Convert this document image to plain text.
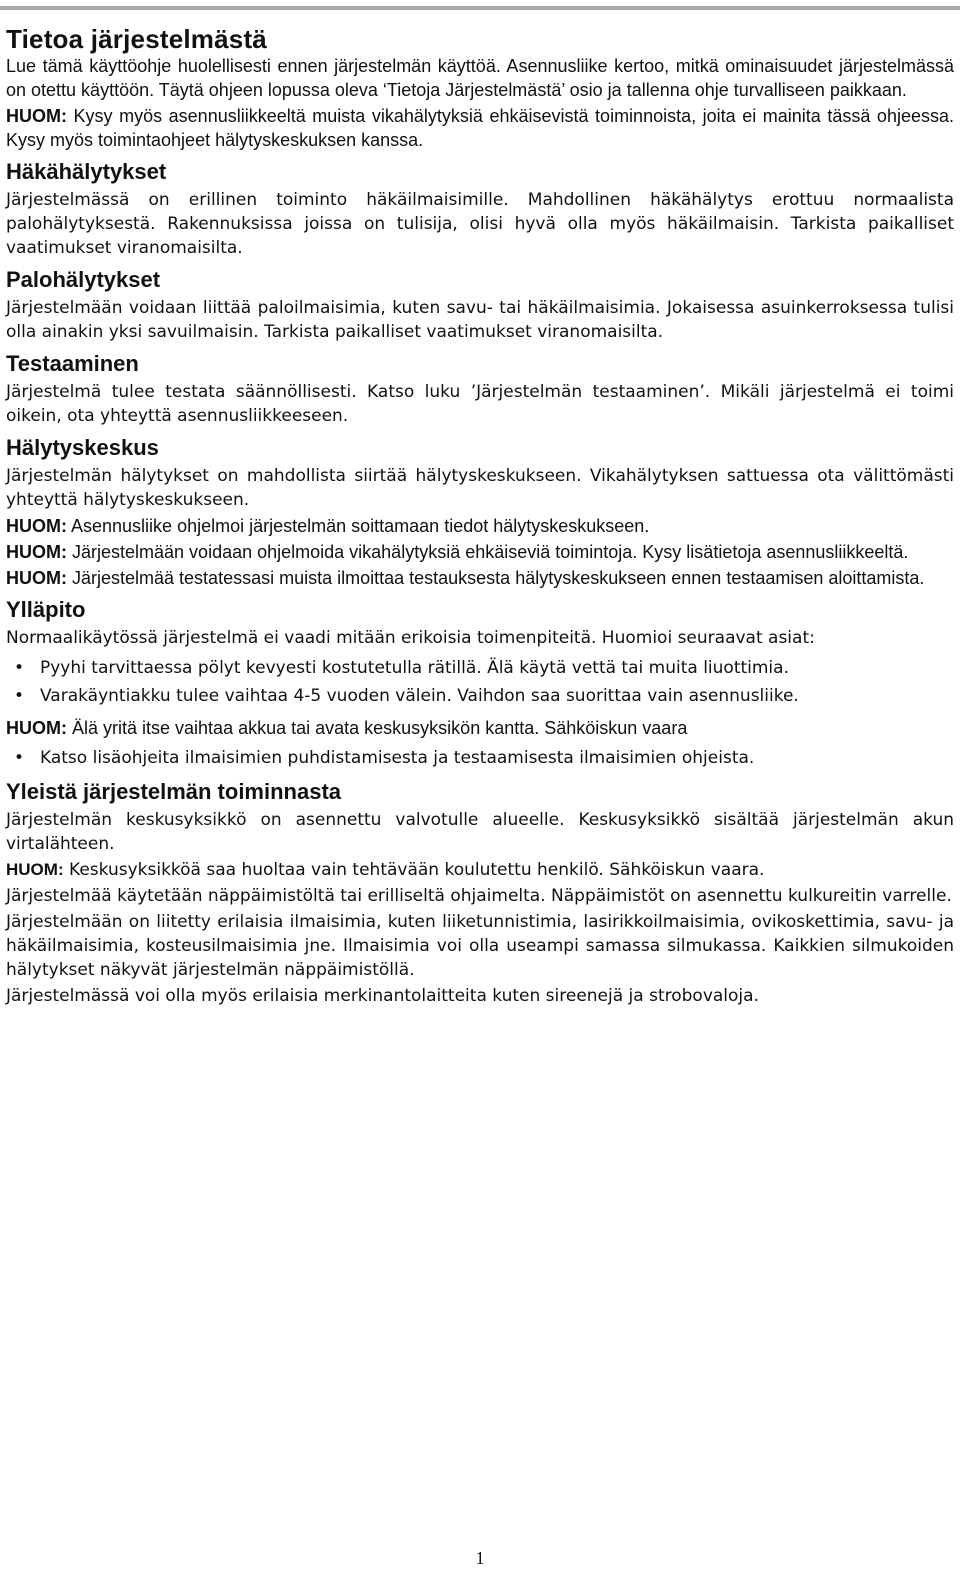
Tietoa järjestelmästä

Lue tämä käyttöohje huolellisesti ennen järjestelmän käyttöä. Asennusliike kertoo, mitkä ominaisuudet järjestelmässä on otettu käyttöön. Täytä ohjeen lopussa oleva ‘Tietoja Järjestelmästä’ osio ja tallenna ohje turvalliseen paikkaan.

HUOM: Kysy myös asennusliikkeeltä muista vikahälytyksiä ehkäisevistä toiminnoista, joita ei mainita tässä ohjeessa. Kysy myös toimintaohjeet hälytyskeskuksen kanssa.

Häkähälytykset

Järjestelmässä on erillinen toiminto häkäilmaisimille. Mahdollinen häkähälytys erottuu normaalista palohälytyksestä. Rakennuksissa joissa on tulisija, olisi hyvä olla myös häkäilmaisin. Tarkista paikalliset vaatimukset viranomaisilta.

Palohälytykset

Järjestelmään voidaan liittää paloilmaisimia, kuten savu- tai häkäilmaisimia. Jokaisessa asuinkerroksessa tulisi olla ainakin yksi savuilmaisin. Tarkista paikalliset vaatimukset viranomaisilta.

Testaaminen

Järjestelmä tulee testata säännöllisesti. Katso luku ’Järjestelmän testaaminen’. Mikäli järjestelmä ei toimi oikein, ota yhteyttä asennusliikkeeseen.

Hälytyskeskus

Järjestelmän hälytykset on mahdollista siirtää hälytyskeskukseen. Vikahälytyksen sattuessa ota välittömästi yhteyttä hälytyskeskukseen.

HUOM: Asennusliike ohjelmoi järjestelmän soittamaan tiedot hälytyskeskukseen.

HUOM: Järjestelmään voidaan ohjelmoida vikahälytyksiä ehkäiseviä toimintoja. Kysy lisätietoja asennusliikkeeltä.

HUOM: Järjestelmää testatessasi muista ilmoittaa testauksesta hälytyskeskukseen ennen testaamisen aloittamista.

Ylläpito

Normaalikäytössä järjestelmä ei vaadi mitään erikoisia toimenpiteitä. Huomioi seuraavat asiat:

• Pyyhi tarvittaessa pölyt kevyesti kostutetulla rätillä. Älä käytä vettä tai muita liuottimia.
• Varakäyntiakku tulee vaihtaa 4-5 vuoden välein. Vaihdon saa suorittaa vain asennusliike.

HUOM: Älä yritä itse vaihtaa akkua tai avata keskusyksikön kantta. Sähköiskun vaara

• Katso lisäohjeita ilmaisimien puhdistamisesta ja testaamisesta ilmaisimien ohjeista.
Yleistä järjestelmän toiminnasta

Järjestelmän keskusyksikkö on asennettu valvotulle alueelle. Keskusyksikkö sisältää järjestelmän akun virtalähteen.

HUOM: Keskusyksikköä saa huoltaa vain tehtävään koulutettu henkilö. Sähköiskun vaara.

Järjestelmää käytetään näppäimistöltä tai erilliseltä ohjaimelta. Näppäimistöt on asennettu kulkureitin varrelle.

Järjestelmään on liitetty erilaisia ilmaisimia, kuten liiketunnistimia, lasirikkoilmaisimia, ovikoskettimia, savu- ja häkäilmaisimia, kosteusilmaisimia jne. Ilmaisimia voi olla useampi samassa silmukassa. Kaikkien silmukoiden hälytykset näkyvät järjestelmän näppäimistöllä.

Järjestelmässä voi olla myös erilaisia merkinantolaitteita kuten sireenejä ja strobovaloja.

1
